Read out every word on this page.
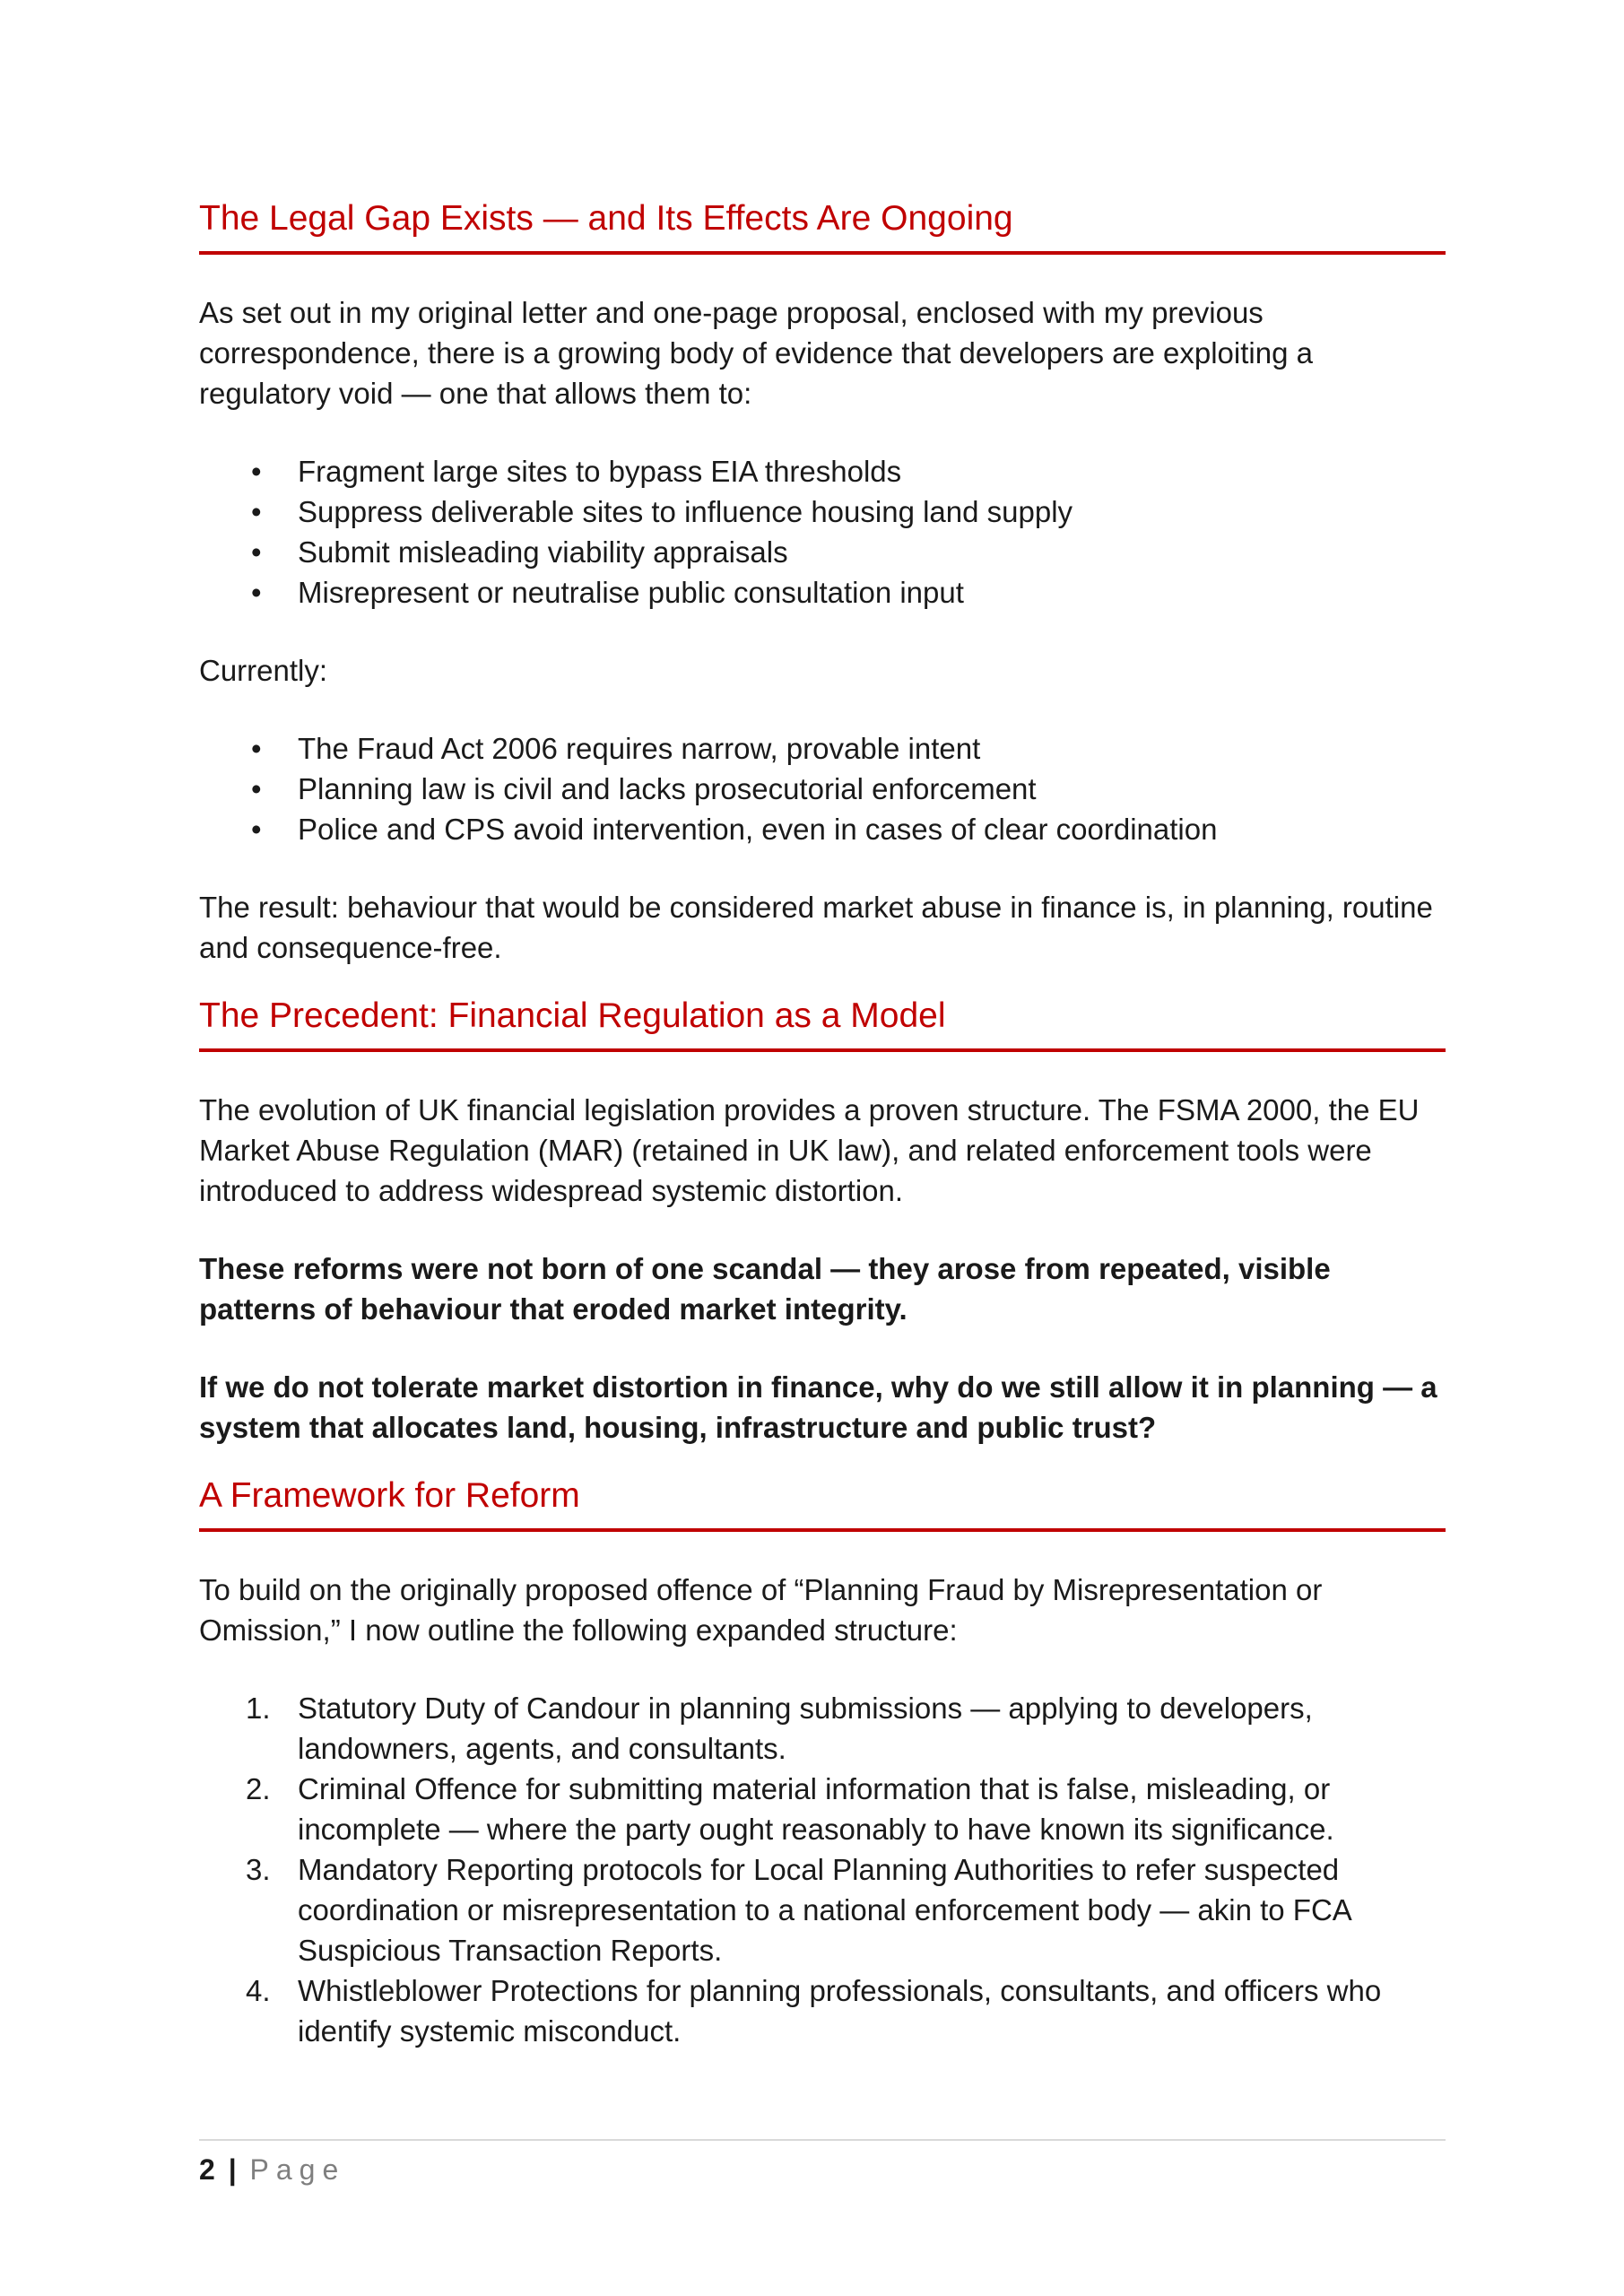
The Legal Gap Exists — and Its Effects Are Ongoing

As set out in my original letter and one-page proposal, enclosed with my previous correspondence, there is a growing body of evidence that developers are exploiting a regulatory void — one that allows them to:

• Fragment large sites to bypass EIA thresholds
• Suppress deliverable sites to influence housing land supply
• Submit misleading viability appraisals
• Misrepresent or neutralise public consultation input

Currently:

• The Fraud Act 2006 requires narrow, provable intent
• Planning law is civil and lacks prosecutorial enforcement
• Police and CPS avoid intervention, even in cases of clear coordination

The result: behaviour that would be considered market abuse in finance is, in planning, routine and consequence-free.

The Precedent: Financial Regulation as a Model

The evolution of UK financial legislation provides a proven structure. The FSMA 2000, the EU Market Abuse Regulation (MAR) (retained in UK law), and related enforcement tools were introduced to address widespread systemic distortion.

These reforms were not born of one scandal — they arose from repeated, visible patterns of behaviour that eroded market integrity.

If we do not tolerate market distortion in finance, why do we still allow it in planning — a system that allocates land, housing, infrastructure and public trust?

A Framework for Reform

To build on the originally proposed offence of “Planning Fraud by Misrepresentation or Omission,” I now outline the following expanded structure:

1. Statutory Duty of Candour in planning submissions — applying to developers, landowners, agents, and consultants.
2. Criminal Offence for submitting material information that is false, misleading, or incomplete — where the party ought reasonably to have known its significance.
3. Mandatory Reporting protocols for Local Planning Authorities to refer suspected coordination or misrepresentation to a national enforcement body — akin to FCA Suspicious Transaction Reports.
4. Whistleblower Protections for planning professionals, consultants, and officers who identify systemic misconduct.
2 | Page
